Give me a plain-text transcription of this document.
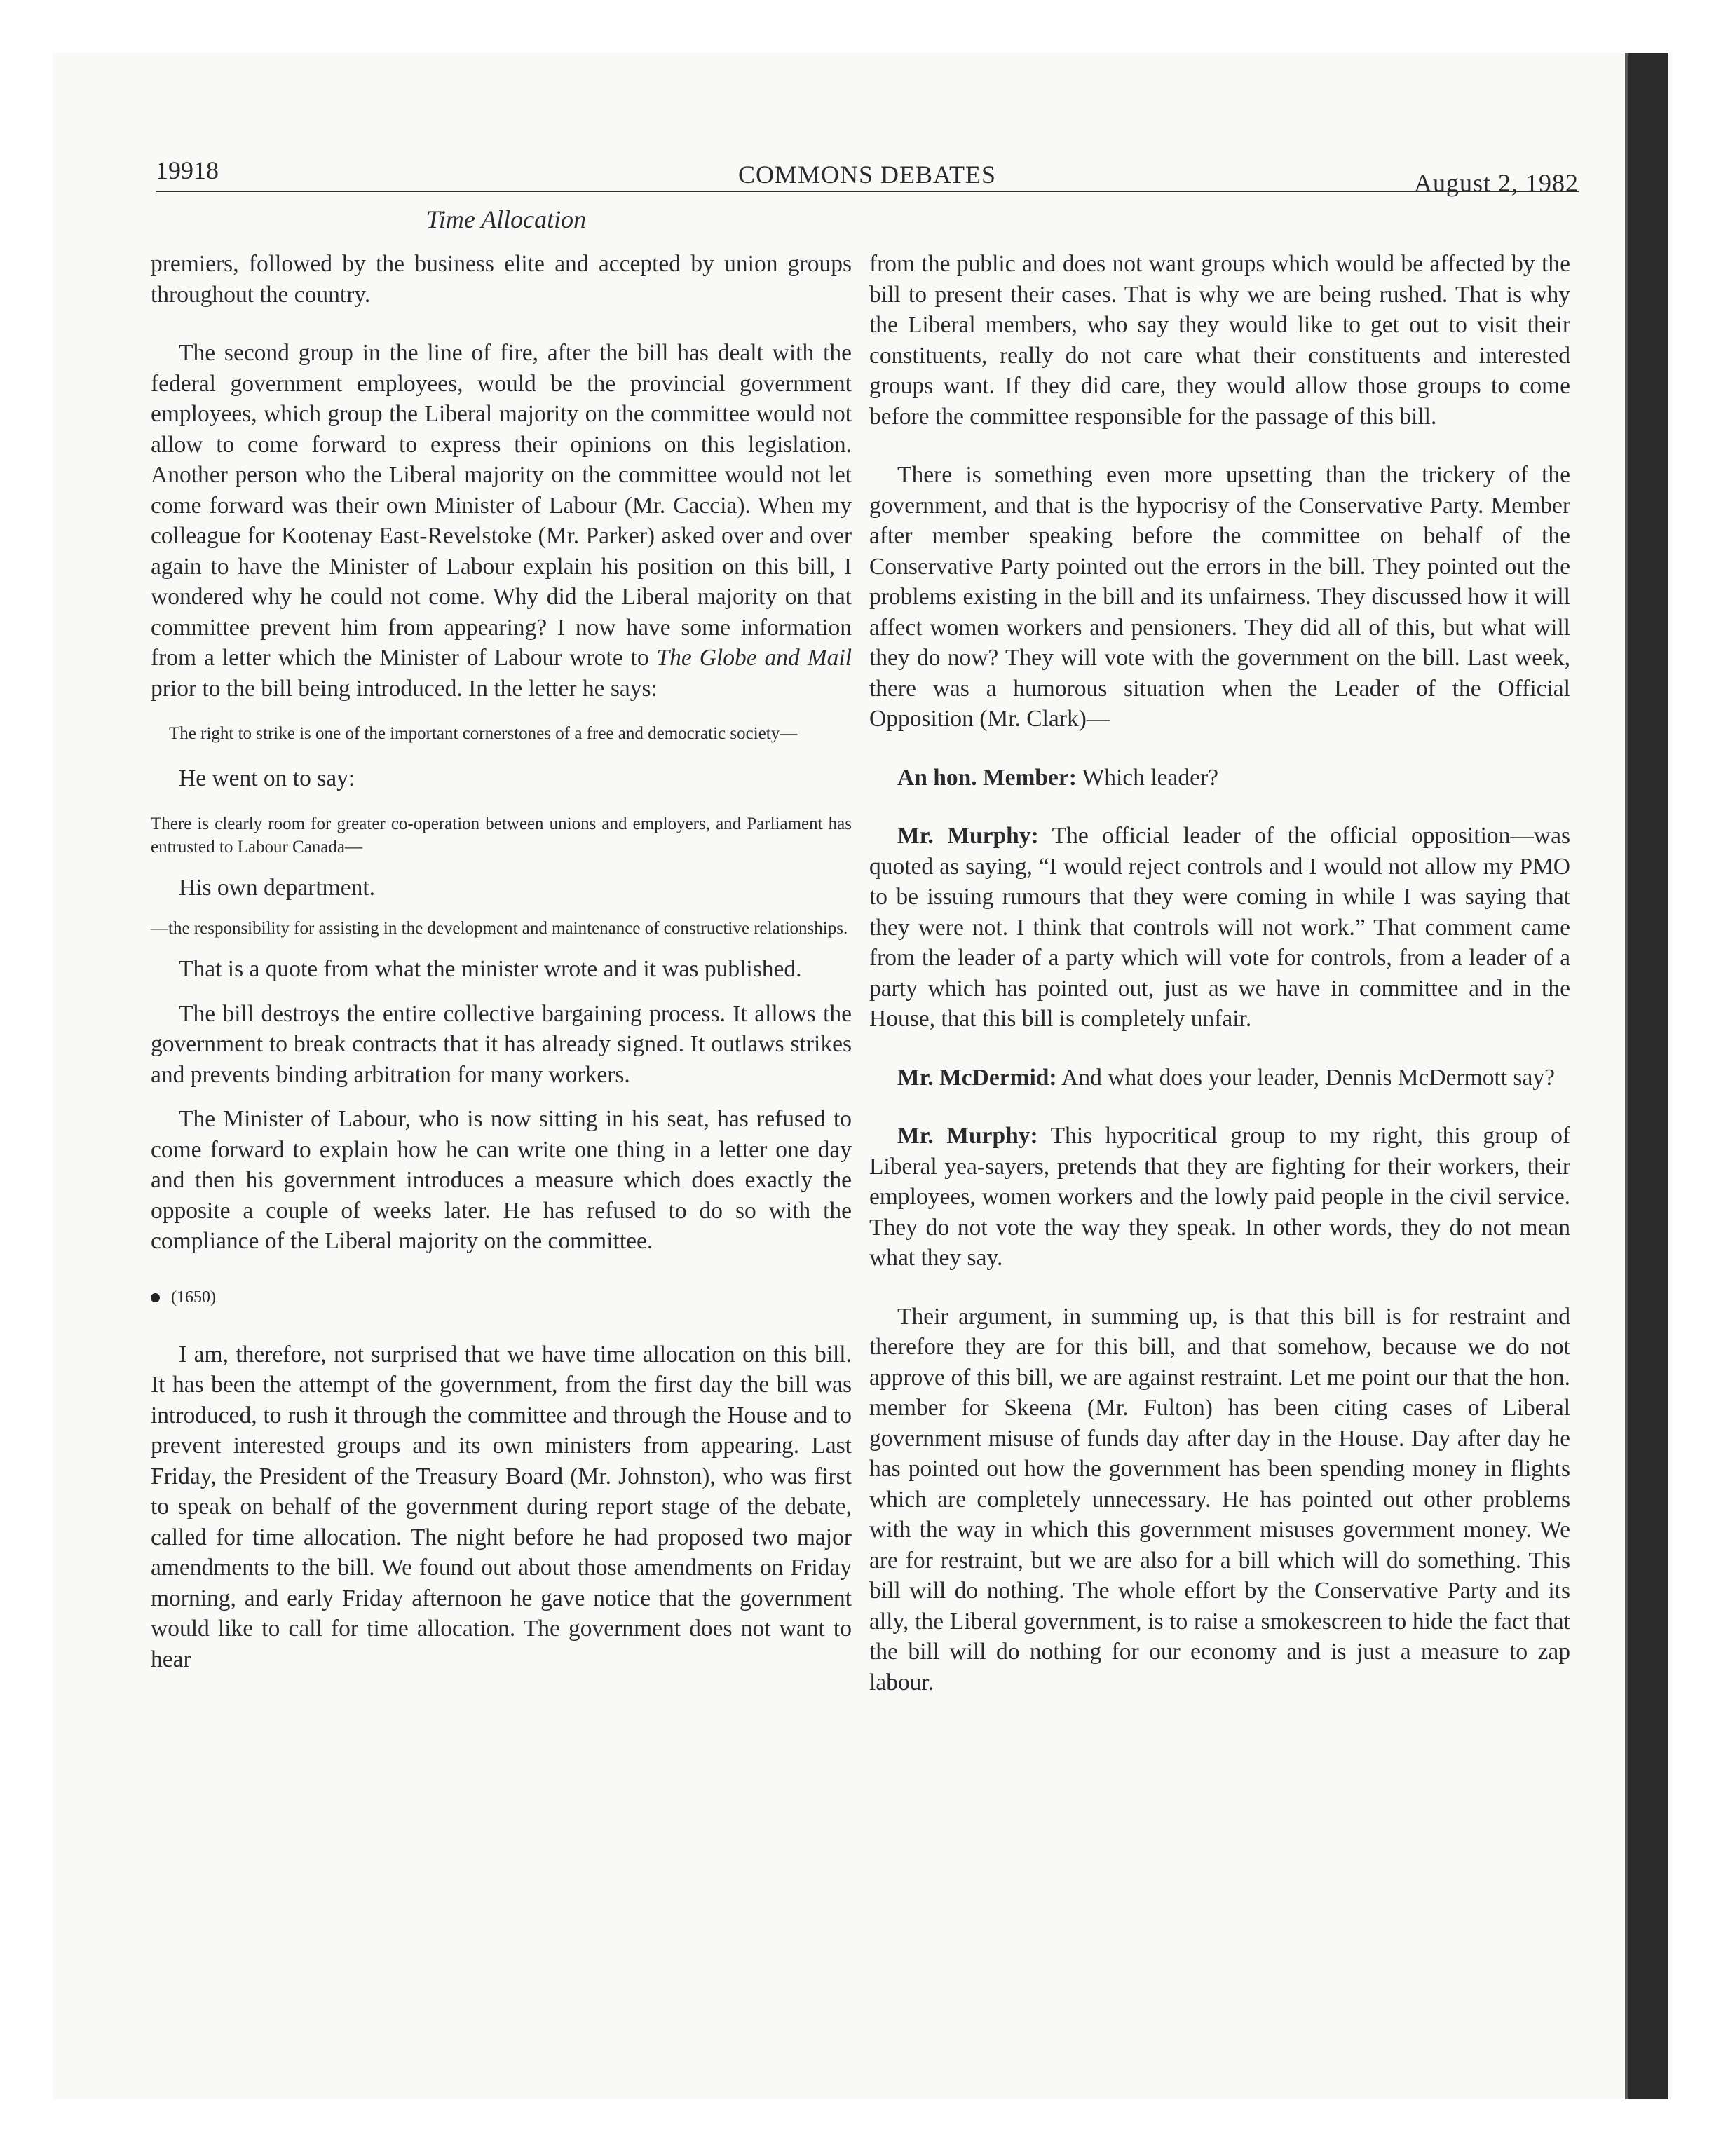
19918	COMMONS DEBATES	August 2, 1982
Time Allocation

premiers, followed by the business elite and accepted by union groups throughout the country.

The second group in the line of fire, after the bill has dealt with the federal government employees, would be the provincial government employees, which group the Liberal majority on the committee would not allow to come forward to express their opinions on this legislation. Another person who the Liberal majority on the committee would not let come forward was their own Minister of Labour (Mr. Caccia). When my colleague for Kootenay East-Revelstoke (Mr. Parker) asked over and over again to have the Minister of Labour explain his position on this bill, I wondered why he could not come. Why did the Liberal majority on that committee prevent him from appearing? I now have some information from a letter which the Minister of Labour wrote to The Globe and Mail prior to the bill being introduced. In the letter he says:

The right to strike is one of the important cornerstones of a free and democratic society—

He went on to say:

There is clearly room for greater co-operation between unions and employers, and Parliament has entrusted to Labour Canada—

His own department.

—the responsibility for assisting in the development and maintenance of constructive relationships.

That is a quote from what the minister wrote and it was published.

The bill destroys the entire collective bargaining process. It allows the government to break contracts that it has already signed. It outlaws strikes and prevents binding arbitration for many workers.

The Minister of Labour, who is now sitting in his seat, has refused to come forward to explain how he can write one thing in a letter one day and then his government introduces a measure which does exactly the opposite a couple of weeks later. He has refused to do so with the compliance of the Liberal majority on the committee.

(1650)

I am, therefore, not surprised that we have time allocation on this bill. It has been the attempt of the government, from the first day the bill was introduced, to rush it through the committee and through the House and to prevent interested groups and its own ministers from appearing. Last Friday, the President of the Treasury Board (Mr. Johnston), who was first to speak on behalf of the government during report stage of the debate, called for time allocation. The night before he had proposed two major amendments to the bill. We found out about those amendments on Friday morning, and early Friday afternoon he gave notice that the government would like to call for time allocation. The government does not want to hear

from the public and does not want groups which would be affected by the bill to present their cases. That is why we are being rushed. That is why the Liberal members, who say they would like to get out to visit their constituents, really do not care what their constituents and interested groups want. If they did care, they would allow those groups to come before the committee responsible for the passage of this bill.

There is something even more upsetting than the trickery of the government, and that is the hypocrisy of the Conservative Party. Member after member speaking before the committee on behalf of the Conservative Party pointed out the errors in the bill. They pointed out the problems existing in the bill and its unfairness. They discussed how it will affect women workers and pensioners. They did all of this, but what will they do now? They will vote with the government on the bill. Last week, there was a humorous situation when the Leader of the Official Opposition (Mr. Clark)—

An hon. Member: Which leader?

Mr. Murphy: The official leader of the official opposition—was quoted as saying, “I would reject controls and I would not allow my PMO to be issuing rumours that they were coming in while I was saying that they were not. I think that controls will not work.” That comment came from the leader of a party which will vote for controls, from a leader of a party which has pointed out, just as we have in committee and in the House, that this bill is completely unfair.

Mr. McDermid: And what does your leader, Dennis McDermott say?

Mr. Murphy: This hypocritical group to my right, this group of Liberal yea-sayers, pretends that they are fighting for their workers, their employees, women workers and the lowly paid people in the civil service. They do not vote the way they speak. In other words, they do not mean what they say.

Their argument, in summing up, is that this bill is for restraint and therefore they are for this bill, and that somehow, because we do not approve of this bill, we are against restraint. Let me point our that the hon. member for Skeena (Mr. Fulton) has been citing cases of Liberal government misuse of funds day after day in the House. Day after day he has pointed out how the government has been spending money in flights which are completely unnecessary. He has pointed out other problems with the way in which this government misuses government money. We are for restraint, but we are also for a bill which will do something. This bill will do nothing. The whole effort by the Conservative Party and its ally, the Liberal government, is to raise a smokescreen to hide the fact that the bill will do nothing for our economy and is just a measure to zap labour.
